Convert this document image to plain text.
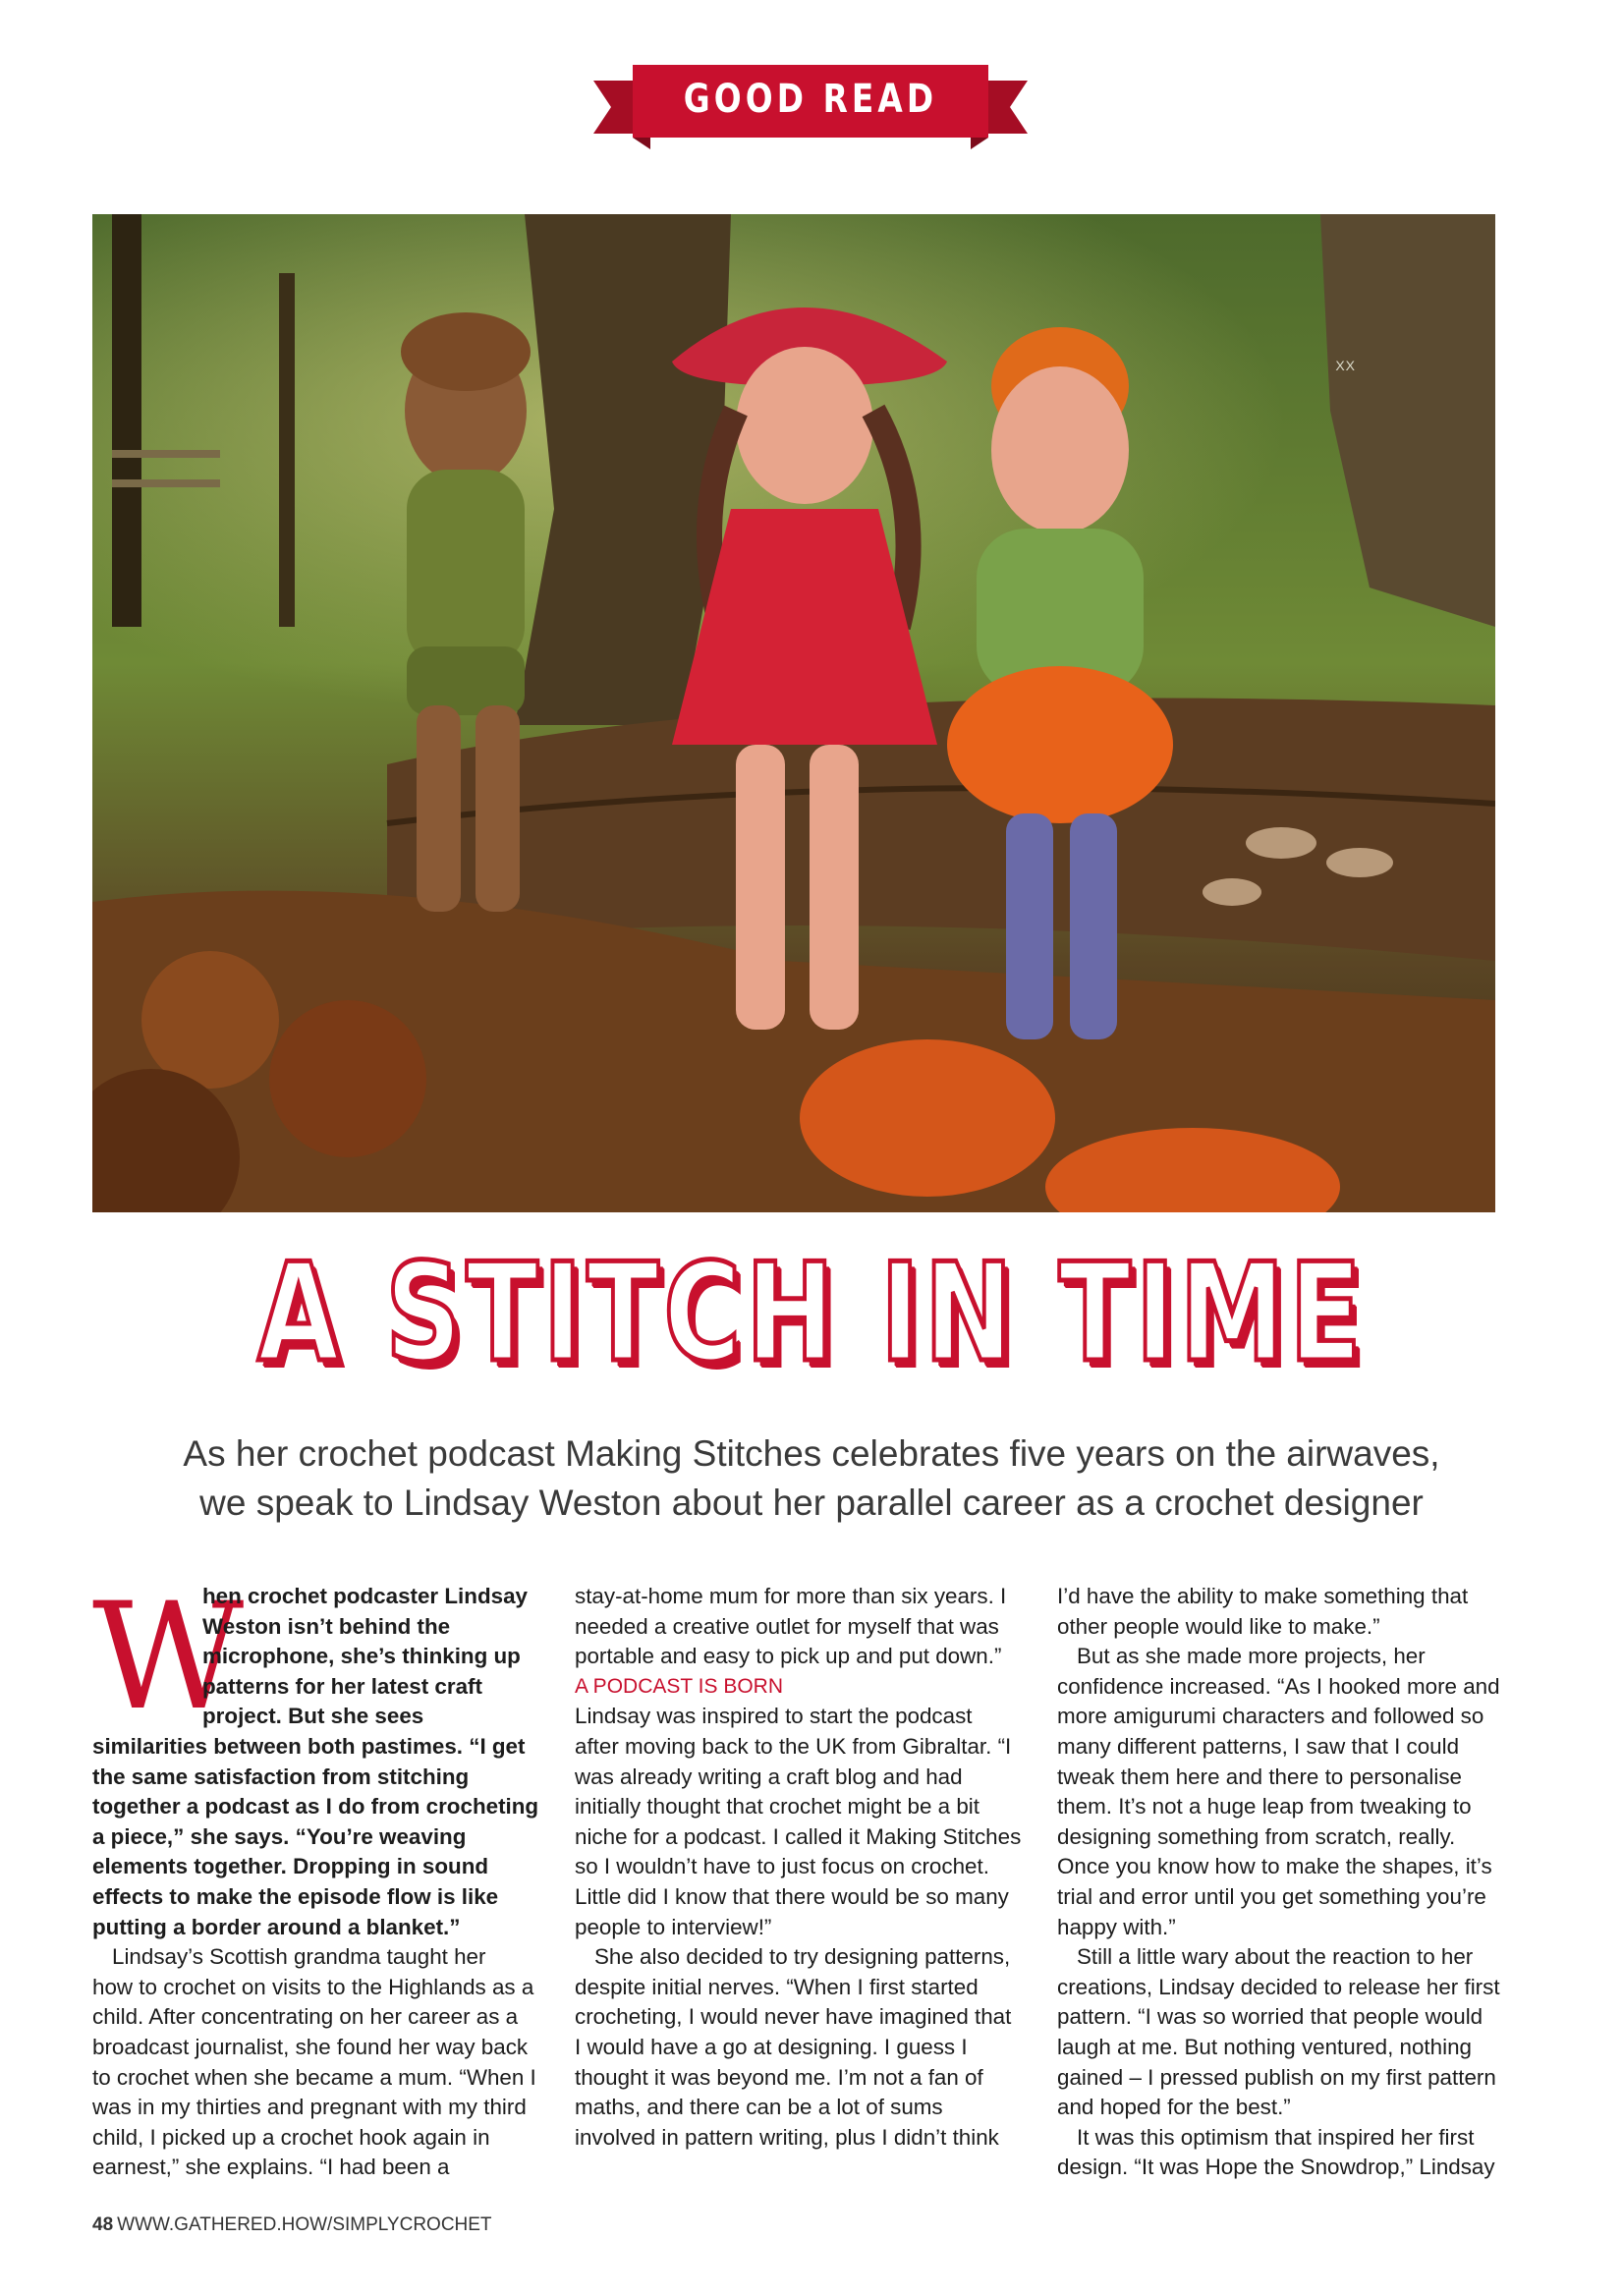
GOOD READ
XX
A STITCH IN TIME
As her crochet podcast Making Stitches celebrates five years on the airwaves,
we speak to Lindsay Weston about her parallel career as a crochet designer
W

hen crochet podcaster Lindsay
Weston isn’t behind the
microphone, she’s thinking up
patterns for her latest craft
project. But she sees
similarities between both pastimes. “I get
the same satisfaction from stitching
together a podcast as I do from crocheting
a piece,” she says. “You’re weaving
elements together. Dropping in sound
effects to make the episode flow is like
putting a border around a blanket.”

Lindsay’s Scottish grandma taught her
how to crochet on visits to the Highlands as a
child. After concentrating on her career as a
broadcast journalist, she found her way back
to crochet when she became a mum. “When I
was in my thirties and pregnant with my third
child, I picked up a crochet hook again in
earnest,” she explains. “I had been a

stay-at-home mum for more than six years. I
needed a creative outlet for myself that was
portable and easy to pick up and put down.”

A PODCAST IS BORN

Lindsay was inspired to start the podcast
after moving back to the UK from Gibraltar. “I
was already writing a craft blog and had
initially thought that crochet might be a bit
niche for a podcast. I called it Making Stitches
so I wouldn’t have to just focus on crochet.
Little did I know that there would be so many
people to interview!”

She also decided to try designing patterns,
despite initial nerves. “When I first started
crocheting, I would never have imagined that
I would have a go at designing. I guess I
thought it was beyond me. I’m not a fan of
maths, and there can be a lot of sums
involved in pattern writing, plus I didn’t think

I’d have the ability to make something that
other people would like to make.”

But as she made more projects, her
confidence increased. “As I hooked more and
more amigurumi characters and followed so
many different patterns, I saw that I could
tweak them here and there to personalise
them. It’s not a huge leap from tweaking to
designing something from scratch, really.
Once you know how to make the shapes, it’s
trial and error until you get something you’re
happy with.”

Still a little wary about the reaction to her
creations, Lindsay decided to release her first
pattern. “I was so worried that people would
laugh at me. But nothing ventured, nothing
gained – I pressed publish on my first pattern
and hoped for the best.”

It was this optimism that inspired her first
design. “It was Hope the Snowdrop,” Lindsay

48 WWW.GATHERED.HOW/SIMPLYCROCHET
